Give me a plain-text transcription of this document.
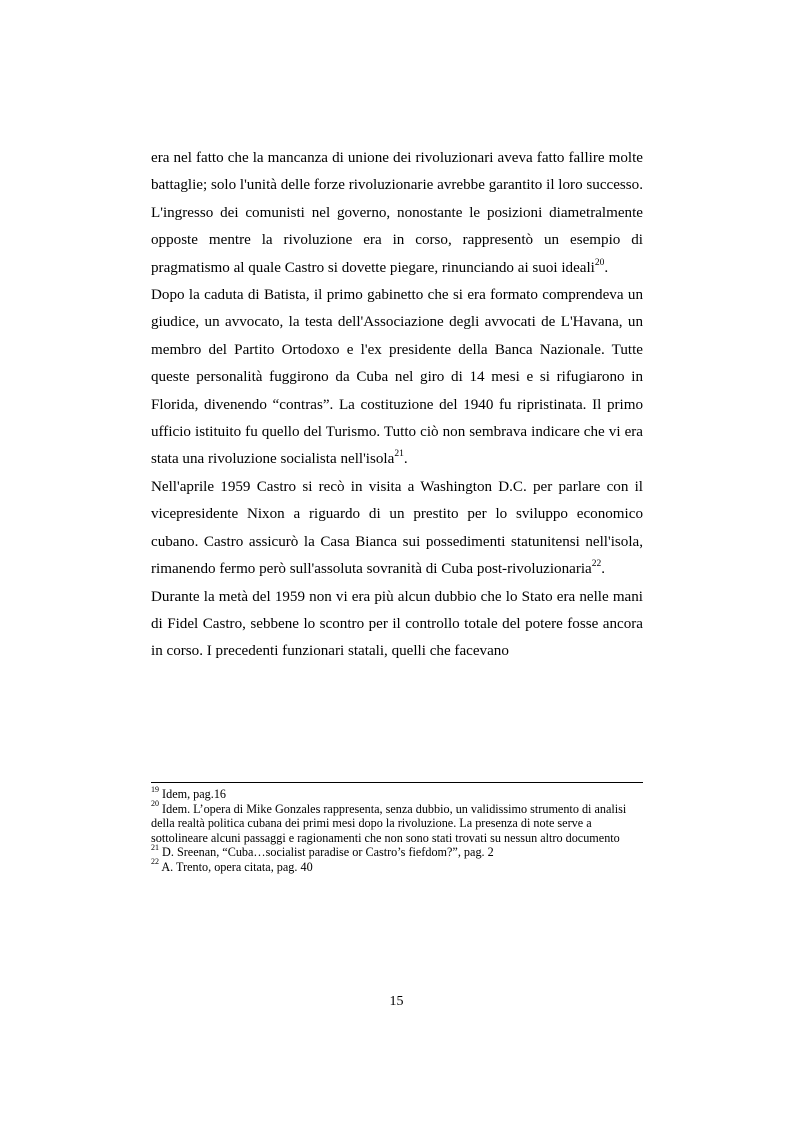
era nel fatto che la mancanza di unione dei rivoluzionari aveva fatto fallire molte battaglie; solo l'unità delle forze rivoluzionarie avrebbe garantito il loro successo. L'ingresso dei comunisti nel governo, nonostante le posizioni diametralmente opposte mentre la rivoluzione era in corso, rappresentò un esempio di pragmatismo al quale Castro si dovette piegare, rinunciando ai suoi ideali$^{20}$.

Dopo la caduta di Batista, il primo gabinetto che si era formato comprendeva un giudice, un avvocato, la testa dell'Associazione degli avvocati de L'Havana, un membro del Partito Ortodoxo e l'ex presidente della Banca Nazionale. Tutte queste personalità fuggirono da Cuba nel giro di 14 mesi e si rifugiarono in Florida, divenendo “contras”. La costituzione del 1940 fu ripristinata. Il primo ufficio istituito fu quello del Turismo. Tutto ciò non sembrava indicare che vi era stata una rivoluzione socialista nell'isola$^{21}$.

Nell'aprile 1959 Castro si recò in visita a Washington D.C. per parlare con il vicepresidente Nixon a riguardo di un prestito per lo sviluppo economico cubano. Castro assicurò la Casa Bianca sui possedimenti statunitensi nell'isola, rimanendo fermo però sull'assoluta sovranità di Cuba post-rivoluzionaria$^{22}$.

Durante la metà del 1959 non vi era più alcun dubbio che lo Stato era nelle mani di Fidel Castro, sebbene lo scontro per il controllo totale del potere fosse ancora in corso. I precedenti funzionari statali, quelli che facevano

$^{19}$ Idem, pag.16

$^{20}$ Idem. L’opera di Mike Gonzales rappresenta, senza dubbio, un validissimo strumento di analisi della realtà politica cubana dei primi mesi dopo la rivoluzione. La presenza di note serve a sottolineare alcuni passaggi e ragionamenti che non sono stati trovati su nessun altro documento

$^{21}$ D. Sreenan, “Cuba…socialist paradise or Castro’s fiefdom?”, pag. 2

$^{22}$ A. Trento, opera citata, pag. 40

15
